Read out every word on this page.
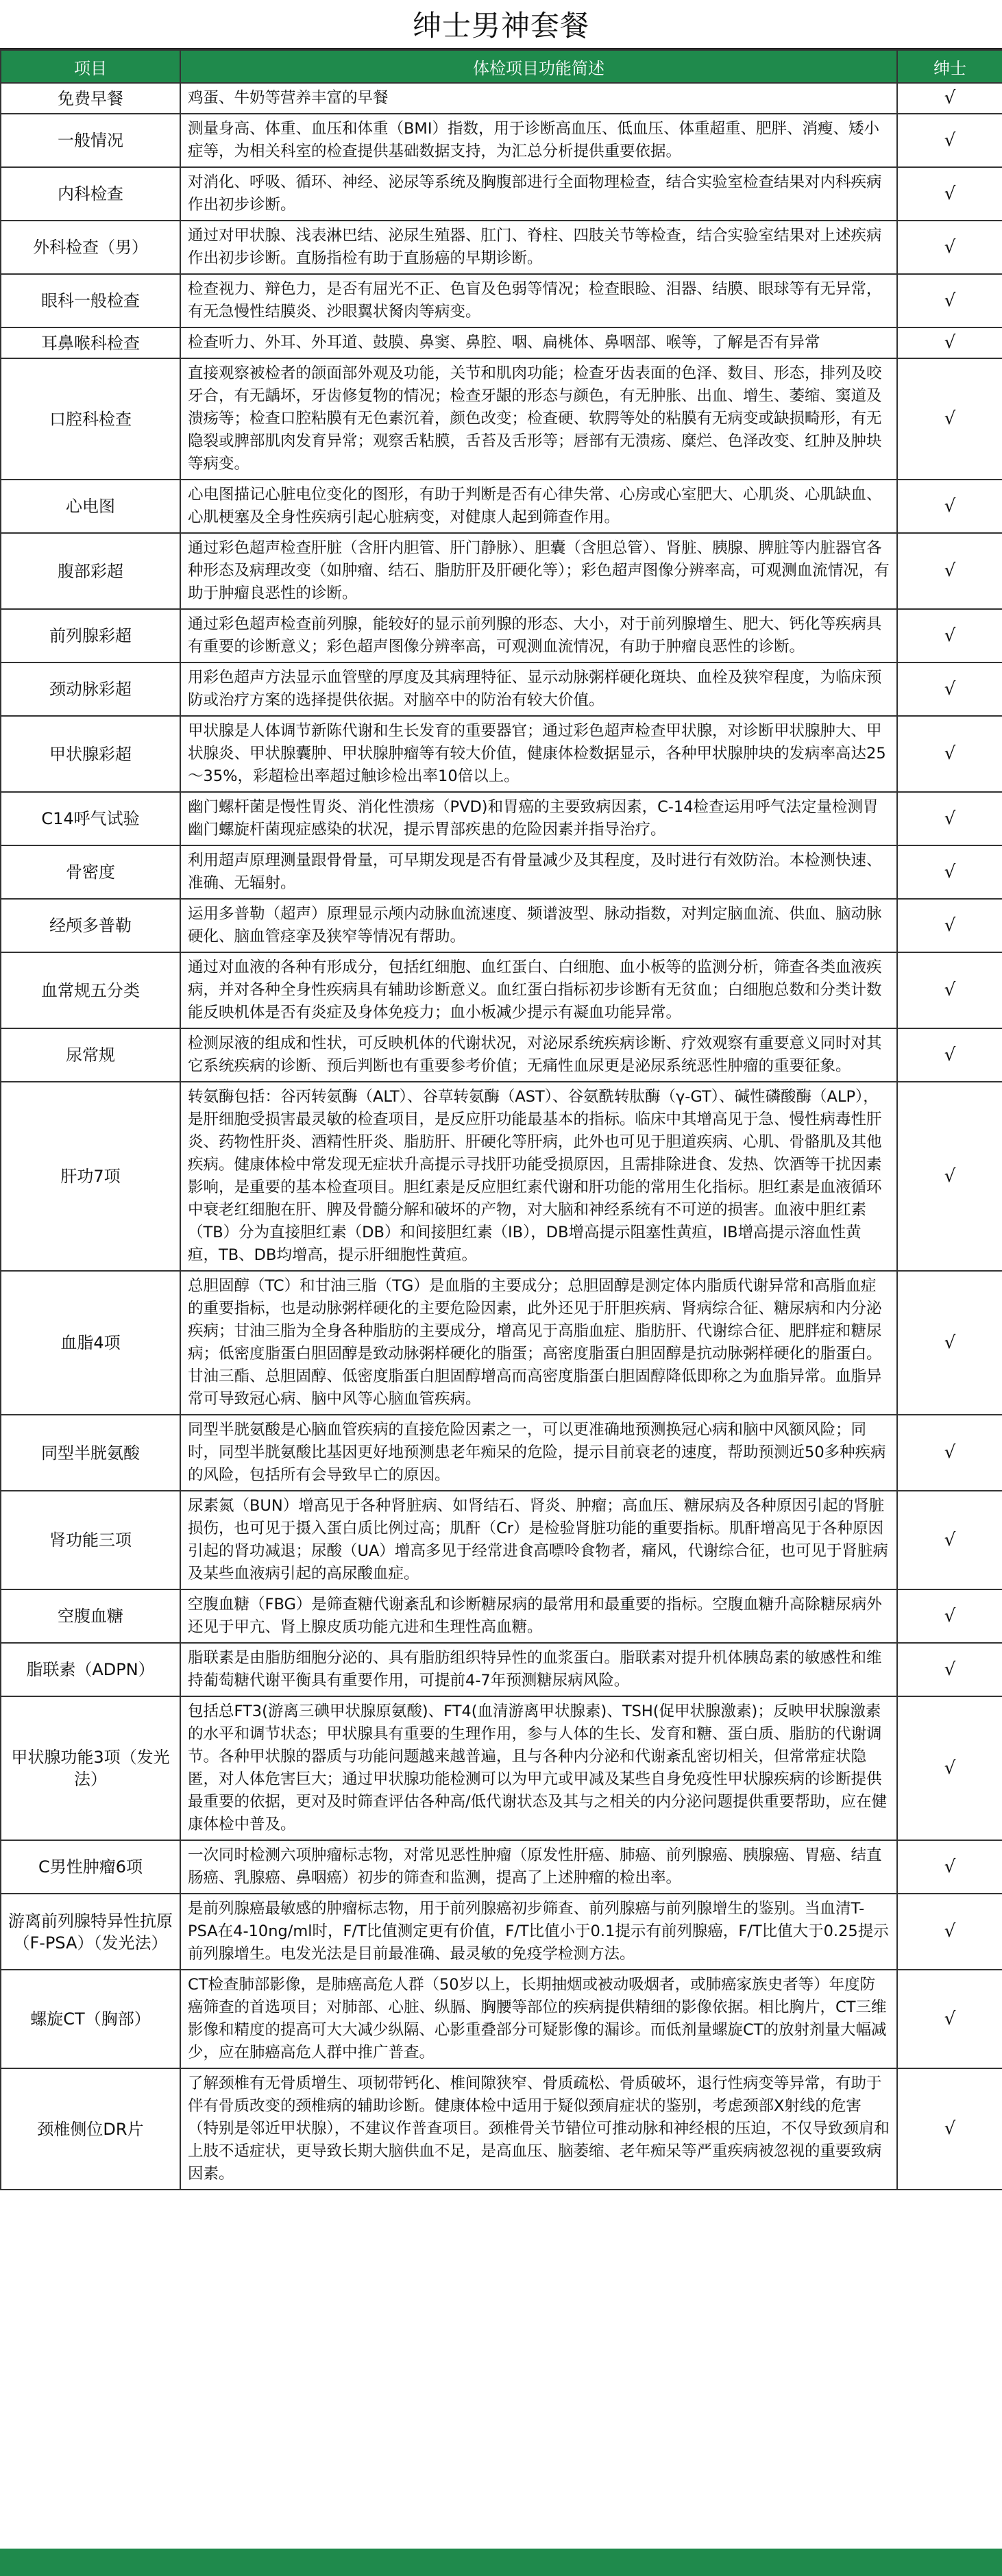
绅士男神套餐
项目	体检项目功能简述	绅士
免费早餐	鸡蛋、牛奶等营养丰富的早餐	√
一般情况	测量身高、体重、血压和体重（BMI）指数，用于诊断高血压、低血压、体重超重、肥胖、消瘦、矮小症等，为相关科室的检查提供基础数据支持，为汇总分析提供重要依据。	√
内科检查	对消化、呼吸、循环、神经、泌尿等系统及胸腹部进行全面物理检查，结合实验室检查结果对内科疾病作出初步诊断。	√
外科检查（男）	通过对甲状腺、浅表淋巴结、泌尿生殖器、肛门、脊柱、四肢关节等检查，结合实验室结果对上述疾病作出初步诊断。直肠指检有助于直肠癌的早期诊断。	√
眼科一般检查	检查视力、辩色力，是否有屈光不正、色盲及色弱等情况；检查眼睑、泪器、结膜、眼球等有无异常，有无急慢性结膜炎、沙眼翼状胬肉等病变。	√
耳鼻喉科检查	检查听力、外耳、外耳道、鼓膜、鼻窦、鼻腔、咽、扁桃体、鼻咽部、喉等，了解是否有异常	√
口腔科检查	直接观察被检者的颌面部外观及功能，关节和肌肉功能；检查牙齿表面的色泽、数目、形态，排列及咬牙合，有无龋坏，牙齿修复物的情况；检查牙龈的形态与颜色，有无肿胀、出血、增生、萎缩、窦道及溃疡等；检查口腔粘膜有无色素沉着，颜色改变；检查硬、软腭等处的粘膜有无病变或缺损畸形，有无隐裂或脾部肌肉发育异常；观察舌粘膜，舌苔及舌形等；唇部有无溃疡、糜烂、色泽改变、红肿及肿块等病变。	√
心电图	心电图描记心脏电位变化的图形，有助于判断是否有心律失常、心房或心室肥大、心肌炎、心肌缺血、心肌梗塞及全身性疾病引起心脏病变，对健康人起到筛查作用。	√
腹部彩超	通过彩色超声检查肝脏（含肝内胆管、肝门静脉）、胆囊（含胆总管）、肾脏、胰腺、脾脏等内脏器官各种形态及病理改变（如肿瘤、结石、脂肪肝及肝硬化等）；彩色超声图像分辨率高，可观测血流情况，有助于肿瘤良恶性的诊断。	√
前列腺彩超	通过彩色超声检查前列腺，能较好的显示前列腺的形态、大小，对于前列腺增生、肥大、钙化等疾病具有重要的诊断意义；彩色超声图像分辨率高，可观测血流情况，有助于肿瘤良恶性的诊断。	√
颈动脉彩超	用彩色超声方法显示血管壁的厚度及其病理特征、显示动脉粥样硬化斑块、血栓及狭窄程度，为临床预防或治疗方案的选择提供依据。对脑卒中的防治有较大价值。	√
甲状腺彩超	甲状腺是人体调节新陈代谢和生长发育的重要器官；通过彩色超声检查甲状腺，对诊断甲状腺肿大、甲状腺炎、甲状腺囊肿、甲状腺肿瘤等有较大价值，健康体检数据显示，各种甲状腺肿块的发病率高达25～35%，彩超检出率超过触诊检出率10倍以上。	√
C14呼气试验	幽门螺杆菌是慢性胃炎、消化性溃疡（PVD)和胃癌的主要致病因素，C-14检查运用呼气法定量检测胃幽门螺旋杆菌现症感染的状况，提示胃部疾患的危险因素并指导治疗。	√
骨密度	利用超声原理测量跟骨骨量，可早期发现是否有骨量减少及其程度，及时进行有效防治。本检测快速、准确、无辐射。	√
经颅多普勒	运用多普勒（超声）原理显示颅内动脉血流速度、频谱波型、脉动指数，对判定脑血流、供血、脑动脉硬化、脑血管痉挛及狭窄等情况有帮助。	√
血常规五分类	通过对血液的各种有形成分，包括红细胞、血红蛋白、白细胞、血小板等的监测分析，筛查各类血液疾病，并对各种全身性疾病具有辅助诊断意义。血红蛋白指标初步诊断有无贫血；白细胞总数和分类计数能反映机体是否有炎症及身体免疫力；血小板减少提示有凝血功能异常。	√
尿常规	检测尿液的组成和性状，可反映机体的代谢状况，对泌尿系统疾病诊断、疗效观察有重要意义同时对其它系统疾病的诊断、预后判断也有重要参考价值；无痛性血尿更是泌尿系统恶性肿瘤的重要征象。	√
肝功7项	转氨酶包括：谷丙转氨酶（ALT）、谷草转氨酶（AST）、谷氨酰转肽酶（γ-GT）、碱性磷酸酶（ALP），是肝细胞受损害最灵敏的检查项目，是反应肝功能最基本的指标。临床中其增高见于急、慢性病毒性肝炎、药物性肝炎、酒精性肝炎、脂肪肝、肝硬化等肝病，此外也可见于胆道疾病、心肌、骨骼肌及其他疾病。健康体检中常发现无症状升高提示寻找肝功能受损原因，且需排除进食、发热、饮酒等干扰因素影响，是重要的基本检查项目。胆红素是反应胆红素代谢和肝功能的常用生化指标。胆红素是血液循环中衰老红细胞在肝、脾及骨髓分解和破坏的产物，对大脑和神经系统有不可逆的损害。血液中胆红素（TB）分为直接胆红素（DB）和间接胆红素（IB），DB增高提示阻塞性黄疸，IB增高提示溶血性黄疸，TB、DB均增高，提示肝细胞性黄疸。	√
血脂4项	总胆固醇（TC）和甘油三脂（TG）是血脂的主要成分；总胆固醇是测定体内脂质代谢异常和高脂血症的重要指标，也是动脉粥样硬化的主要危险因素，此外还见于肝胆疾病、肾病综合征、糖尿病和内分泌疾病；甘油三脂为全身各种脂肪的主要成分，增高见于高脂血症、脂肪肝、代谢综合征、肥胖症和糖尿病；低密度脂蛋白胆固醇是致动脉粥样硬化的脂蛋；高密度脂蛋白胆固醇是抗动脉粥样硬化的脂蛋白。甘油三酯、总胆固醇、低密度脂蛋白胆固醇增高而高密度脂蛋白胆固醇降低即称之为血脂异常。血脂异常可导致冠心病、脑中风等心脑血管疾病。	√
同型半胱氨酸	同型半胱氨酸是心脑血管疾病的直接危险因素之一，可以更准确地预测换冠心病和脑中风额风险；同时，同型半胱氨酸比基因更好地预测患老年痴呆的危险，提示目前衰老的速度，帮助预测近50多种疾病的风险，包括所有会导致早亡的原因。	√
肾功能三项	尿素氮（BUN）增高见于各种肾脏病、如肾结石、肾炎、肿瘤；高血压、糖尿病及各种原因引起的肾脏损伤，也可见于摄入蛋白质比例过高；肌酐（Cr）是检验肾脏功能的重要指标。肌酐增高见于各种原因引起的肾功减退；尿酸（UA）增高多见于经常进食高嘌呤食物者，痛风，代谢综合征，也可见于肾脏病及某些血液病引起的高尿酸血症。	√
空腹血糖	空腹血糖（FBG）是筛查糖代谢紊乱和诊断糖尿病的最常用和最重要的指标。空腹血糖升高除糖尿病外还见于甲亢、肾上腺皮质功能亢进和生理性高血糖。	√
脂联素（ADPN）	脂联素是由脂肪细胞分泌的、具有脂肪组织特异性的血浆蛋白。脂联素对提升机体胰岛素的敏感性和维持葡萄糖代谢平衡具有重要作用，可提前4-7年预测糖尿病风险。	√
甲状腺功能3项（发光法）	包括总FT3(游离三碘甲状腺原氨酸)、FT4(血清游离甲状腺素)、TSH(促甲状腺激素)；反映甲状腺激素的水平和调节状态；甲状腺具有重要的生理作用，参与人体的生长、发育和糖、蛋白质、脂肪的代谢调节。各种甲状腺的器质与功能问题越来越普遍，且与各种内分泌和代谢紊乱密切相关，但常常症状隐匿，对人体危害巨大；通过甲状腺功能检测可以为甲亢或甲减及某些自身免疫性甲状腺疾病的诊断提供最重要的依据，更对及时筛查评估各种高/低代谢状态及其与之相关的内分泌问题提供重要帮助，应在健康体检中普及。	√
C男性肿瘤6项	一次同时检测六项肿瘤标志物，对常见恶性肿瘤（原发性肝癌、肺癌、前列腺癌、胰腺癌、胃癌、结直肠癌、乳腺癌、鼻咽癌）初步的筛查和监测，提高了上述肿瘤的检出率。	√
游离前列腺特异性抗原（F-PSA）（发光法）	是前列腺癌最敏感的肿瘤标志物，用于前列腺癌初步筛查、前列腺癌与前列腺增生的鉴别。当血清T-PSA在4-10ng/ml时，F/T比值测定更有价值，F/T比值小于0.1提示有前列腺癌，F/T比值大于0.25提示前列腺增生。电发光法是目前最准确、最灵敏的免疫学检测方法。	√
螺旋CT（胸部）	CT检查肺部影像，是肺癌高危人群（50岁以上，长期抽烟或被动吸烟者，或肺癌家族史者等）年度防癌筛查的首选项目；对肺部、心脏、纵膈、胸腰等部位的疾病提供精细的影像依据。相比胸片，CT三维影像和精度的提高可大大减少纵隔、心影重叠部分可疑影像的漏诊。而低剂量螺旋CT的放射剂量大幅减少，应在肺癌高危人群中推广普查。	√
颈椎侧位DR片	了解颈椎有无骨质增生、项韧带钙化、椎间隙狭窄、骨质疏松、骨质破坏，退行性病变等异常，有助于伴有骨质改变的颈椎病的辅助诊断。健康体检中适用于疑似颈肩症状的鉴别，考虑颈部X射线的危害（特别是邻近甲状腺），不建议作普查项目。颈椎骨关节错位可推动脉和神经根的压迫，不仅导致颈肩和上肢不适症状，更导致长期大脑供血不足，是高血压、脑萎缩、老年痴呆等严重疾病被忽视的重要致病因素。	√
